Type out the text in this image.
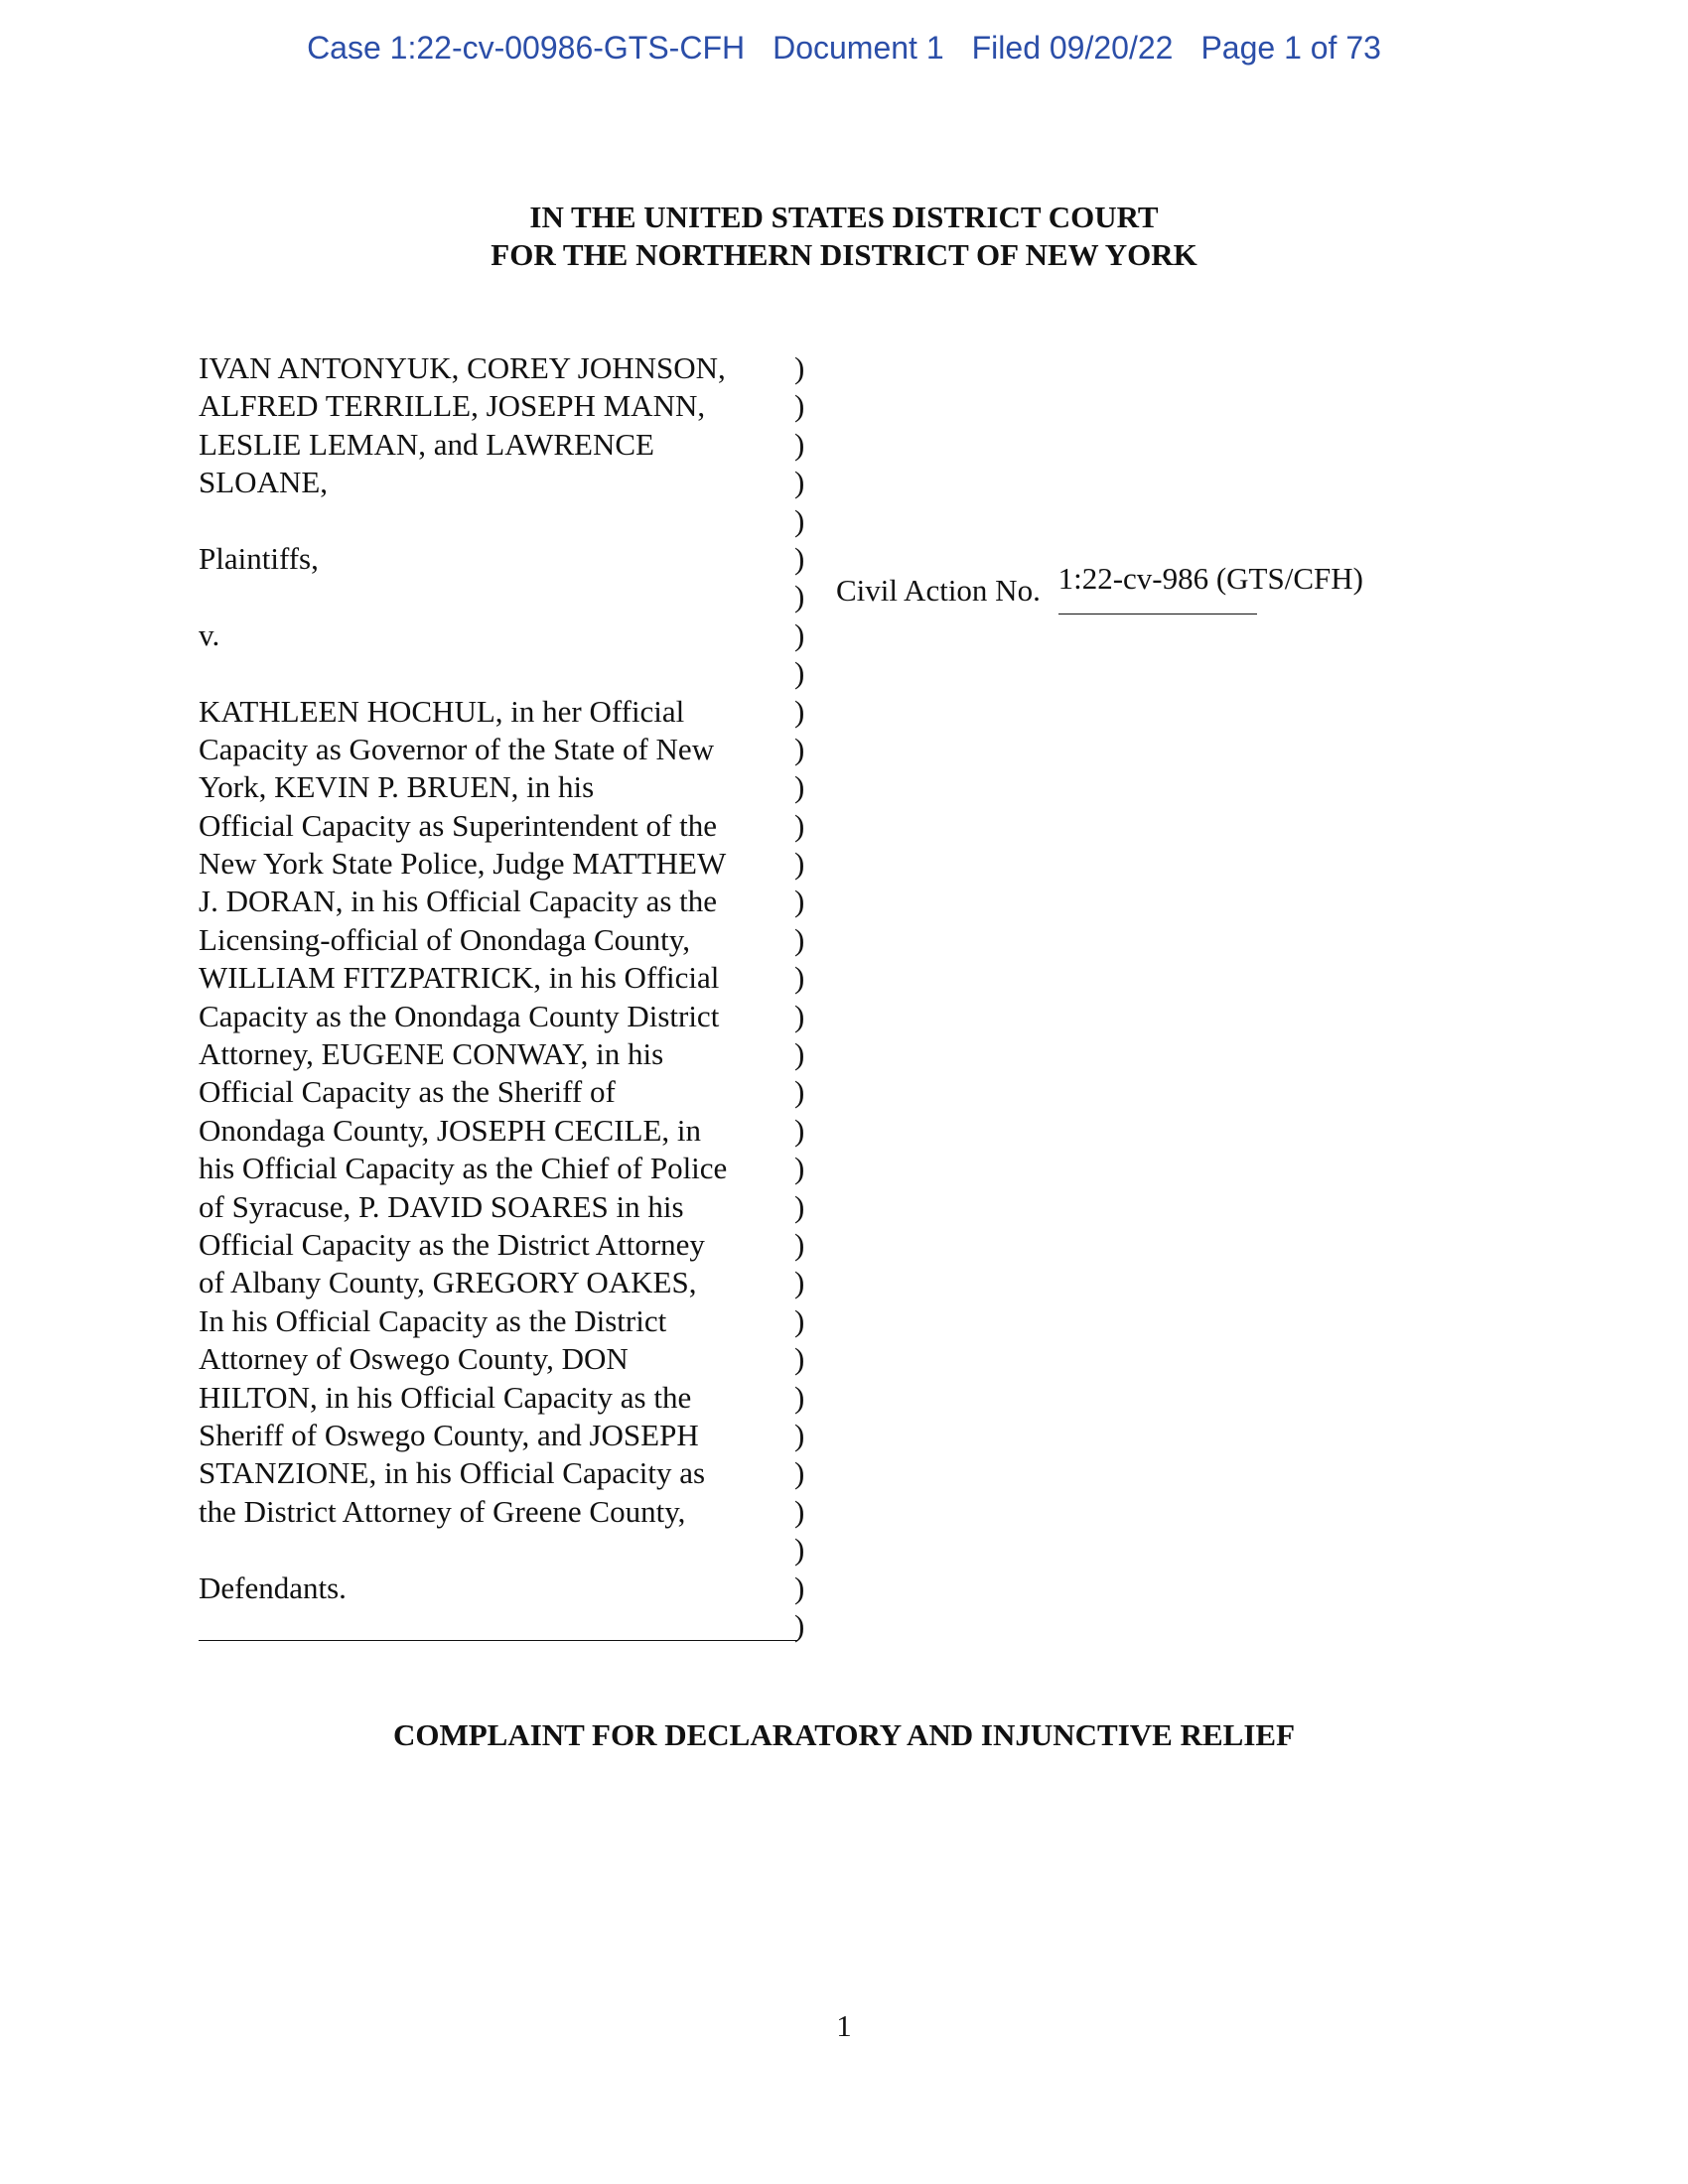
Case 1:22-cv-00986-GTS-CFH Document 1 Filed 09/20/22 Page 1 of 73
IN THE UNITED STATES DISTRICT COURT
FOR THE NORTHERN DISTRICT OF NEW YORK
IVAN ANTONYUK, COREY JOHNSON,
ALFRED TERRILLE, JOSEPH MANN,
LESLIE LEMAN, and LAWRENCE
SLOANE,
Plaintiffs,
v.
KATHLEEN HOCHUL, in her Official
Capacity as Governor of the State of New
York, KEVIN P. BRUEN, in his
Official Capacity as Superintendent of the
New York State Police, Judge MATTHEW
J. DORAN, in his Official Capacity as the
Licensing-official of Onondaga County,
WILLIAM FITZPATRICK, in his Official
Capacity as the Onondaga County District
Attorney, EUGENE CONWAY, in his
Official Capacity as the Sheriff of
Onondaga County, JOSEPH CECILE, in
his Official Capacity as the Chief of Police
of Syracuse, P. DAVID SOARES in his
Official Capacity as the District Attorney
of Albany County, GREGORY OAKES,
In his Official Capacity as the District
Attorney of Oswego County, DON
HILTON, in his Official Capacity as the
Sheriff of Oswego County, and JOSEPH
STANZIONE, in his Official Capacity as
the District Attorney of Greene County,
Defendants.
)
)
)
)
)
)
)
)
)
)
)
)
)
)
)
)
)
)
)
)
)
)
)
)
)
)
)
)
)
)
)
)
)
)
Civil Action No. 1:22-cv-986 (GTS/CFH)
COMPLAINT FOR DECLARATORY AND INJUNCTIVE RELIEF
1
